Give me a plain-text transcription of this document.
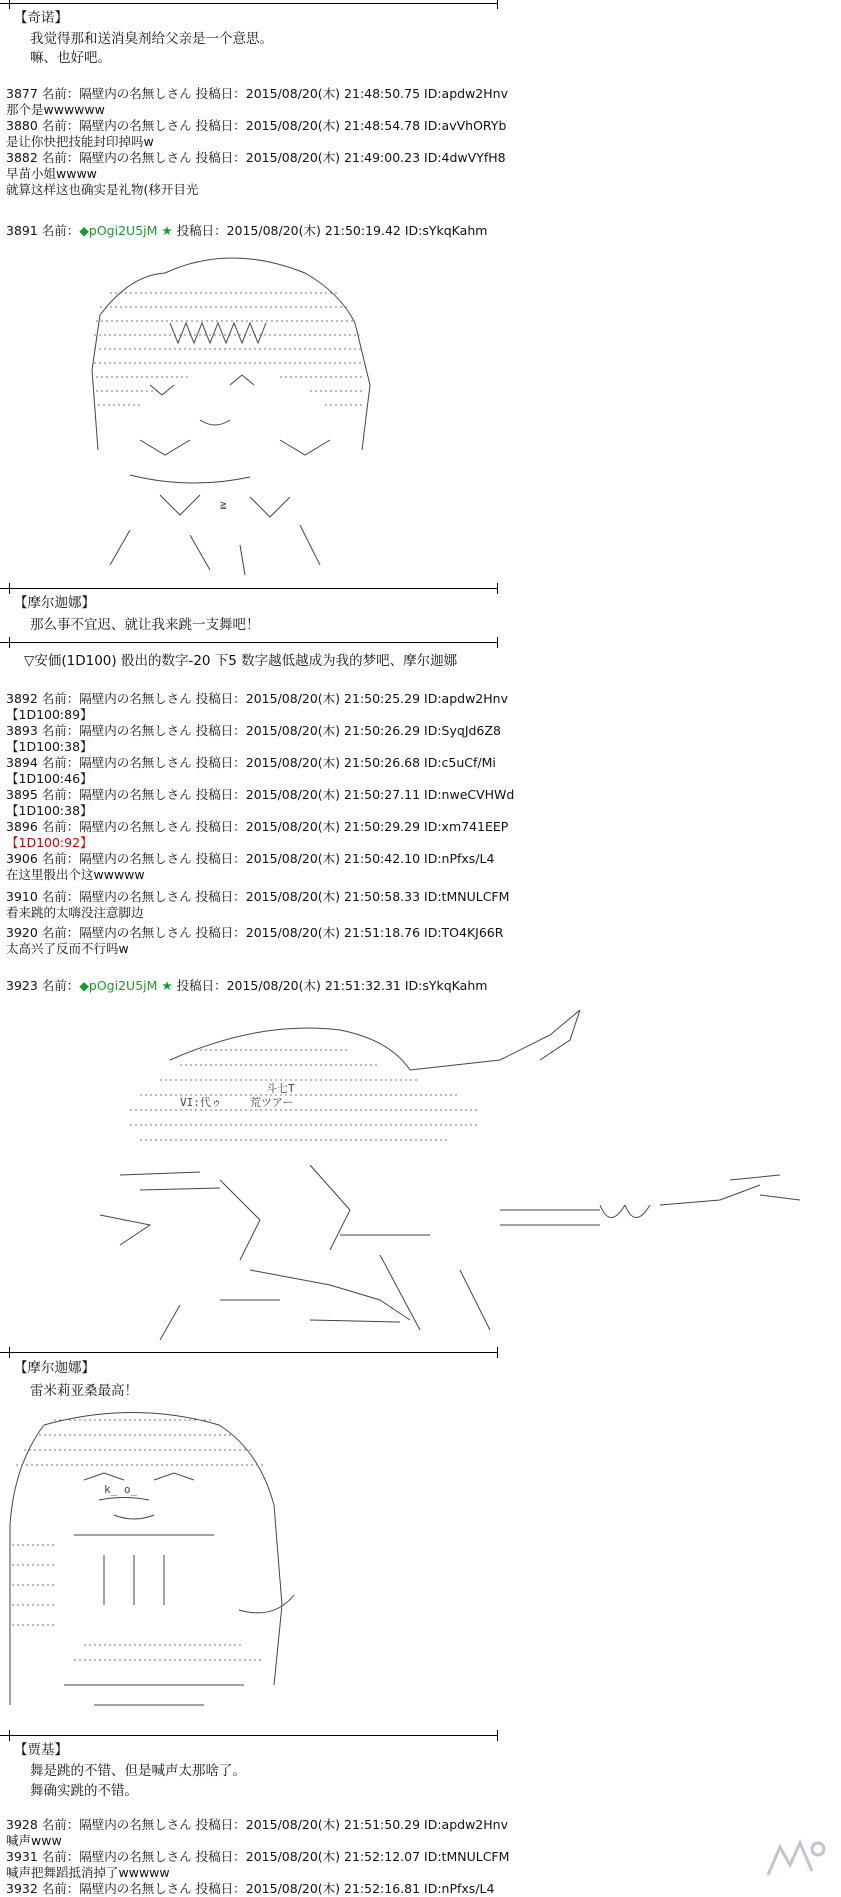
【奇诺】
我觉得那和送消臭剂给父亲是一个意思。
嘛、也好吧。
3877 名前：隔壁内の名無しさん 投稿日：2015/08/20(木) 21:48:50.75 ID:apdw2Hnv
那个是wwwwww
3880 名前：隔壁内の名無しさん 投稿日：2015/08/20(木) 21:48:54.78 ID:avVhORYb
是让你快把技能封印掉吗w
3882 名前：隔壁内の名無しさん 投稿日：2015/08/20(木) 21:49:00.23 ID:4dwVYfH8
早苗小姐wwww
就算这样这也确实是礼物(移开目光
3891 名前：◆pOgi2U5jM ★ 投稿日：2015/08/20(木) 21:50:19.42 ID:sYkqKahm
≧
【摩尔迦娜】
那么事不宜迟、就让我来跳一支舞吧！
▽安価(1D100) 骰出的数字-20 下5 数字越低越成为我的梦吧、摩尔迦娜
3892 名前：隔壁内の名無しさん 投稿日：2015/08/20(木) 21:50:25.29 ID:apdw2Hnv
【1D100:89】
3893 名前：隔壁内の名無しさん 投稿日：2015/08/20(木) 21:50:26.29 ID:SyqJd6Z8
【1D100:38】
3894 名前：隔壁内の名無しさん 投稿日：2015/08/20(木) 21:50:26.68 ID:c5uCf/Mi
【1D100:46】
3895 名前：隔壁内の名無しさん 投稿日：2015/08/20(木) 21:50:27.11 ID:nweCVHWd
【1D100:38】
3896 名前：隔壁内の名無しさん 投稿日：2015/08/20(木) 21:50:29.29 ID:xm741EEP
【1D100:92】
3906 名前：隔壁内の名無しさん 投稿日：2015/08/20(木) 21:50:42.10 ID:nPfxs/L4
在这里骰出个这wwwww
3910 名前：隔壁内の名無しさん 投稿日：2015/08/20(木) 21:50:58.33 ID:tMNULCFM
看来跳的太嗨没注意脚边
3920 名前：隔壁内の名無しさん 投稿日：2015/08/20(木) 21:51:18.76 ID:TO4KJ66R
太高兴了反而不行吗w
3923 名前：◆pOgi2U5jM ★ 投稿日：2015/08/20(木) 21:51:32.31 ID:sYkqKahm
VI:代ゥ	荒ツアー
斗七T
【摩尔迦娜】
雷米莉亚桑最高！
k_ o_
【贾基】
舞是跳的不错、但是喊声太那啥了。
舞确实跳的不错。
3928 名前：隔壁内の名無しさん 投稿日：2015/08/20(木) 21:51:50.29 ID:apdw2Hnv
喊声www
3931 名前：隔壁内の名無しさん 投稿日：2015/08/20(木) 21:52:12.07 ID:tMNULCFM
喊声把舞蹈抵消掉了wwwww
3932 名前：隔壁内の名無しさん 投稿日：2015/08/20(木) 21:52:16.81 ID:nPfxs/L4
